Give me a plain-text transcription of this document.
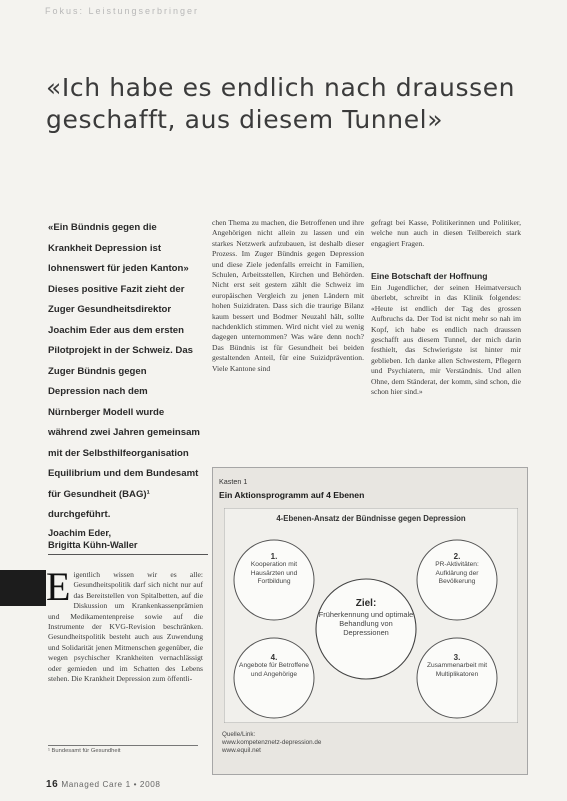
Fokus: Leistungserbringer
«Ich habe es endlich nach draussen geschafft, aus diesem Tunnel»
«Ein Bündnis gegen die Krankheit Depression ist lohnenswert für jeden Kanton» Dieses positive Fazit zieht der Zuger Gesundheitsdirektor Joachim Eder aus dem ersten Pilotprojekt in der Schweiz. Das Zuger Bündnis gegen Depression nach dem Nürnberger Modell wurde während zwei Jahren gemeinsam mit der Selbsthilfeorganisation Equilibrium und dem Bundesamt für Gesundheit (BAG)¹ durchgeführt.
Joachim Eder,
Brigitta Kühn-Waller
Eigentlich wissen wir es alle: Gesundheitspolitik darf sich nicht nur auf das Bereitstellen von Spitalbetten, auf die Diskussion um Krankenkassenprämien und Medikamentenpreise sowie auf die Instrumente der KVG-Revision beschränken. Gesundheitspolitik besteht auch aus Zuwendung und Solidarität jenen Mitmenschen gegenüber, die wegen psychischer Krankheiten vernachlässigt oder gemieden und im Schatten des Lebens stehen. Die Krankheit Depression zum öffentli-
chen Thema zu machen, die Betroffenen und ihre Angehörigen nicht allein zu lassen und ein starkes Netzwerk aufzubauen, ist deshalb dieser Prozess. Im Zuger Bündnis gegen Depression und diese Ziele jedenfalls erreicht in Familien, Schulen, Arbeitsstellen, Kirchen und Behörden. Nicht erst seit gestern zählt die Schweiz im europäischen Vergleich zu jenen Ländern mit hohen Suizidraten. Dass sich die traurige Bilanz kaum bessert und Bodmer Neuzahl hält, sollte nachdenklich stimmen. Wird nicht viel zu wenig dagegen unternommen? Was wäre denn noch? Das Bündnis ist für Gesundheit bei beiden gestaltenden Anteil, für eine Suizidprävention. Viele Kantone sind
gefragt bei Kasse, Politikerinnen und Politiker, welche nun auch in diesen Teilbereich stark engagiert Fragen.
Eine Botschaft der Hoffnung
Ein Jugendlicher, der seinen Heimatversuch überlebt, schreibt in das Klinik folgendes: «Heute ist endlich der Tag des grossen Aufbruchs da. Der Tod ist nicht mehr so nah im Kopf, ich habe es endlich nach draussen geschafft aus diesem Tunnel, der mich darin festhielt, das Schwierigste ist hinter mir geblieben. Ich danke allen Schwestern, Pflegern und Psychiatern, mir Verständnis. Und allen Ohne, dem Ständerat, der komm, sind schon, die schon hier sind.»
Kasten 1
Ein Aktionsprogramm auf 4 Ebenen
4-Ebenen-Ansatz der Bündnisse gegen Depression
1.
Kooperation mit Hausärzten und Fortbildung
2.
PR-Aktivitäten: Aufklärung der Bevölkerung
3.
Zusammenarbeit mit Multiplikatoren
4.
Angebote für Betroffene und Angehörige
Ziel:
Früherkennung und optimale Behandlung von Depressionen
Quelle/Link:
www.kompetenznetz-depression.de
www.equil.net
¹ Bundesamt für Gesundheit
16 Managed Care 1 • 2008
